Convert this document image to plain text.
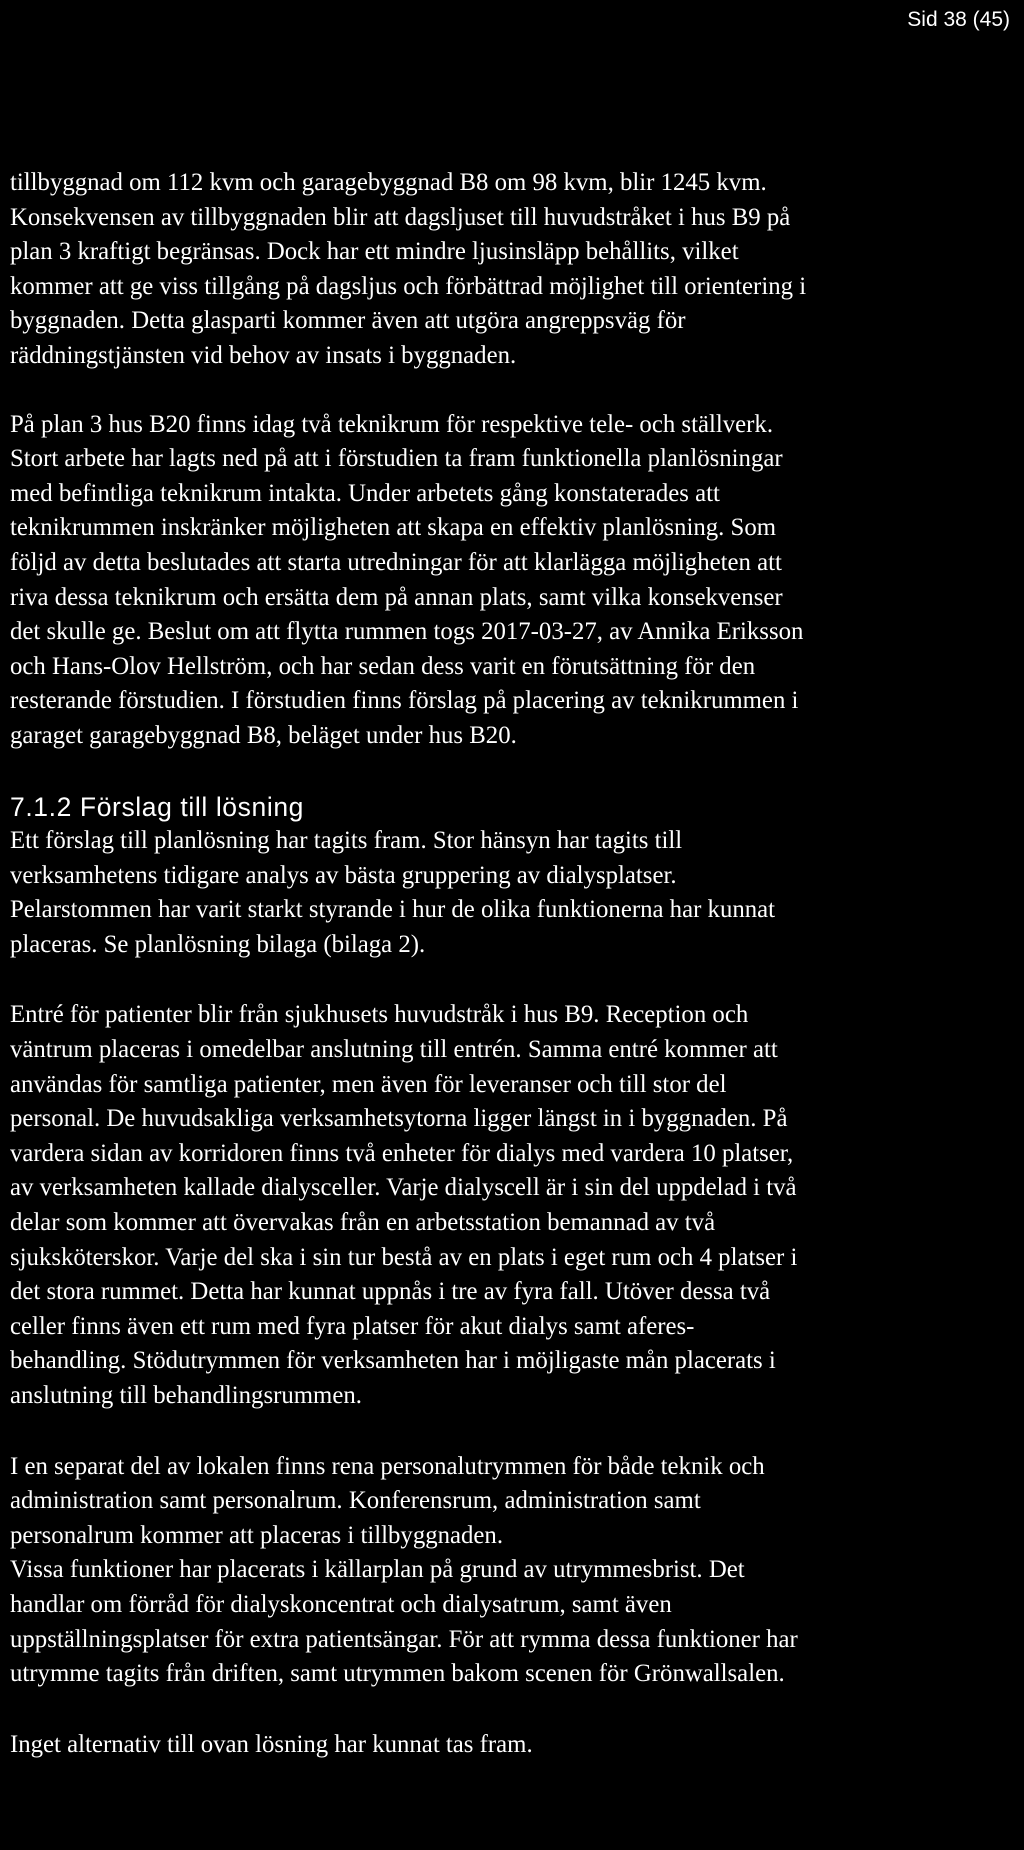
Sid 38 (45)

tillbyggnad om 112 kvm och garagebyggnad B8 om 98 kvm, blir 1245 kvm.
Konsekvensen av tillbyggnaden blir att dagsljuset till huvudstråket i hus B9 på
plan 3 kraftigt begränsas. Dock har ett mindre ljusinsläpp behållits, vilket
kommer att ge viss tillgång på dagsljus och förbättrad möjlighet till orientering i
byggnaden. Detta glasparti kommer även att utgöra angreppsväg för
räddningstjänsten vid behov av insats i byggnaden.

På plan 3 hus B20 finns idag två teknikrum för respektive tele- och ställverk.
Stort arbete har lagts ned på att i förstudien ta fram funktionella planlösningar
med befintliga teknikrum intakta. Under arbetets gång konstaterades att
teknikrummen inskränker möjligheten att skapa en effektiv planlösning. Som
följd av detta beslutades att starta utredningar för att klarlägga möjligheten att
riva dessa teknikrum och ersätta dem på annan plats, samt vilka konsekvenser
det skulle ge. Beslut om att flytta rummen togs 2017-03-27, av Annika Eriksson
och Hans-Olov Hellström, och har sedan dess varit en förutsättning för den
resterande förstudien. I förstudien finns förslag på placering av teknikrummen i
garaget garagebyggnad B8, beläget under hus B20.

7.1.2 Förslag till lösning

Ett förslag till planlösning har tagits fram. Stor hänsyn har tagits till
verksamhetens tidigare analys av bästa gruppering av dialysplatser.
Pelarstommen har varit starkt styrande i hur de olika funktionerna har kunnat
placeras. Se planlösning bilaga (bilaga 2).

Entré för patienter blir från sjukhusets huvudstråk i hus B9. Reception och
väntrum placeras i omedelbar anslutning till entrén. Samma entré kommer att
användas för samtliga patienter, men även för leveranser och till stor del
personal. De huvudsakliga verksamhetsytorna ligger längst in i byggnaden. På
vardera sidan av korridoren finns två enheter för dialys med vardera 10 platser,
av verksamheten kallade dialysceller. Varje dialyscell är i sin del uppdelad i två
delar som kommer att övervakas från en arbetsstation bemannad av två
sjuksköterskor. Varje del ska i sin tur bestå av en plats i eget rum och 4 platser i
det stora rummet. Detta har kunnat uppnås i tre av fyra fall. Utöver dessa två
celler finns även ett rum med fyra platser för akut dialys samt aferes-
behandling. Stödutrymmen för verksamheten har i möjligaste mån placerats i
anslutning till behandlingsrummen.

I en separat del av lokalen finns rena personalutrymmen för både teknik och
administration samt personalrum. Konferensrum, administration samt
personalrum kommer att placeras i tillbyggnaden.
Vissa funktioner har placerats i källarplan på grund av utrymmesbrist. Det
handlar om förråd för dialyskoncentrat och dialysatrum, samt även
uppställningsplatser för extra patientsängar. För att rymma dessa funktioner har
utrymme tagits från driften, samt utrymmen bakom scenen för Grönwallsalen.

Inget alternativ till ovan lösning har kunnat tas fram.
